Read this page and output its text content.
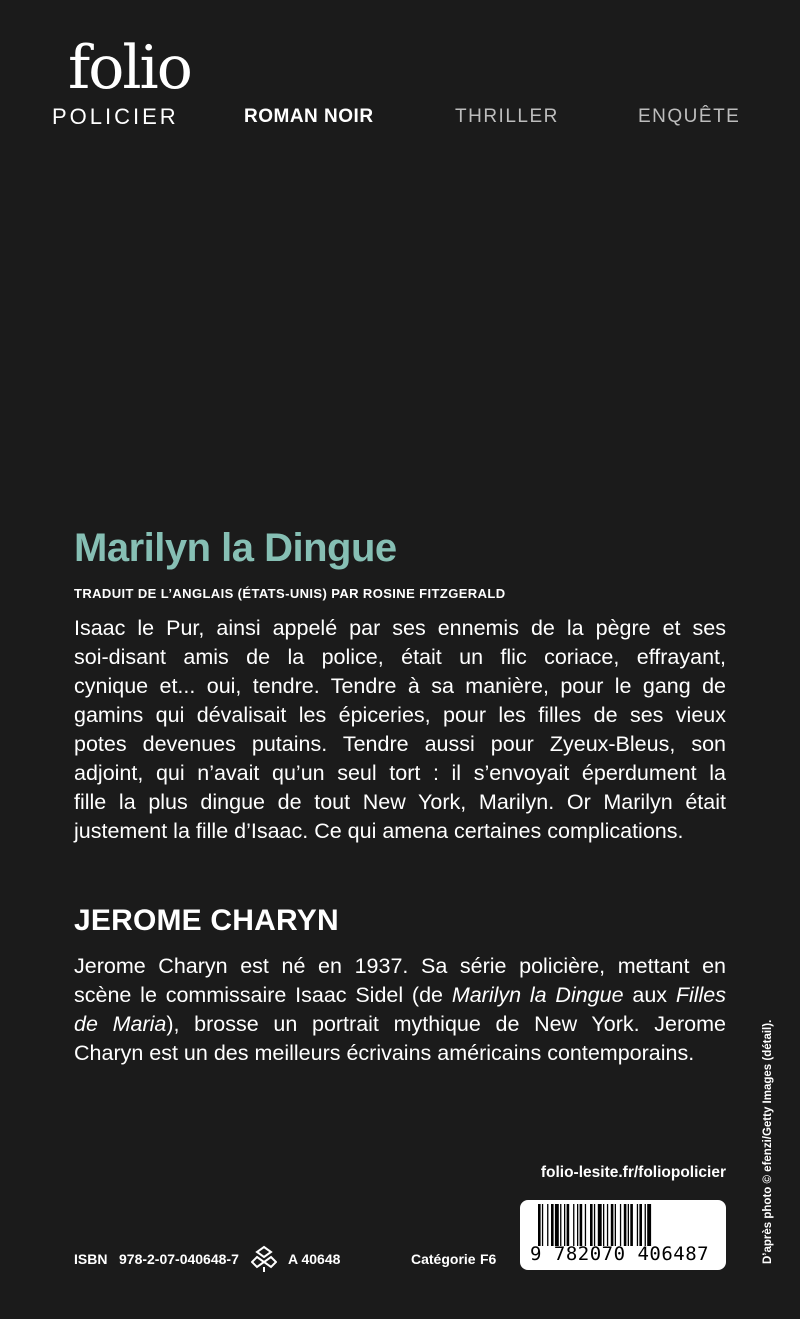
folio
POLICIER	ROMAN NOIR	THRILLER	ENQUÊTE
Marilyn la Dingue
TRADUIT DE L’ANGLAIS (ÉTATS-UNIS) PAR ROSINE FITZGERALD
Isaac le Pur, ainsi appelé par ses ennemis de la pègre et ses
soi-disant amis de la police, était un flic coriace, effrayant,
cynique et... oui, tendre. Tendre à sa manière, pour le gang de
gamins qui dévalisait les épiceries, pour les filles de ses vieux
potes devenues putains. Tendre aussi pour Zyeux-Bleus, son
adjoint, qui n’avait qu’un seul tort : il s’envoyait éperdument la
fille la plus dingue de tout New York, Marilyn. Or Marilyn était
justement la fille d’Isaac. Ce qui amena certaines complications.
JEROME CHARYN
Jerome Charyn est né en 1937. Sa série policière, mettant en
scène le commissaire Isaac Sidel (de Marilyn la Dingue aux Filles
de Maria), brosse un portrait mythique de New York. Jerome
Charyn est un des meilleurs écrivains américains contemporains.
folio-lesite.fr/foliopolicier
ISBN 978-2-07-040648-7	A 40648	Catégorie F6 9 782070 406487	D’après photo © efenzi/Getty Images (détail).
